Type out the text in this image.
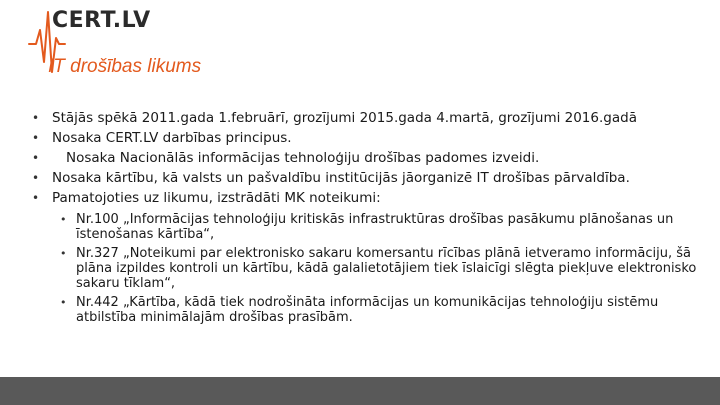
CERT.LV
IT drošības likums
• Stājās spēkā 2011.gada 1.februārī, grozījumi 2015.gada 4.martā, grozījumi 2016.gadā
• Nosaka CERT.LV darbības principus.
• Nosaka Nacionālās informācijas tehnoloģiju drošības padomes izveidi.
• Nosaka kārtību, kā valsts un pašvaldību institūcijās jāorganizē IT drošības pārvaldība.
• Pamatojoties uz likumu, izstrādāti MK noteikumi:
• Nr.100 „Informācijas tehnoloģiju kritiskās infrastruktūras drošības pasākumu plānošanas un īstenošanas kārtība“,
• Nr.327 „Noteikumi par elektronisko sakaru komersantu rīcības plānā ietveramo informāciju, šā plāna izpildes kontroli un kārtību, kādā galalietotājiem tiek īslaicīgi slēgta piekļuve elektronisko sakaru tīklam“,
• Nr.442 „Kārtība, kādā tiek nodrošināta informācijas un komunikācijas tehnoloģiju sistēmu atbilstība minimālajām drošības prasībām.
